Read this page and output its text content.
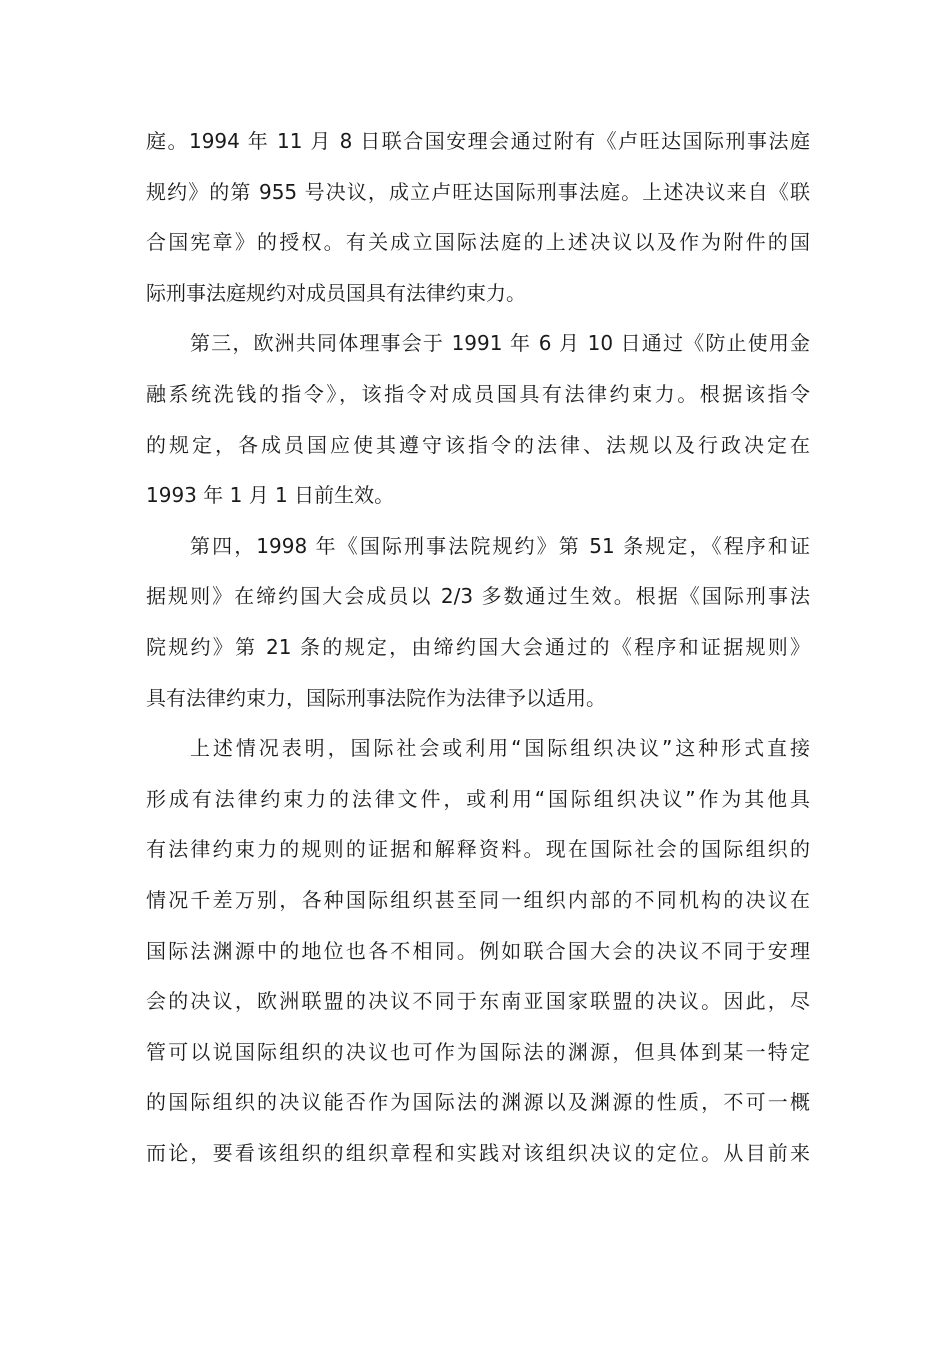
庭。1994 年 11 月 8 日联合国安理会通过附有《卢旺达国际刑事法庭
规约》的第 955 号决议，成立卢旺达国际刑事法庭。上述决议来自《联
合国宪章》的授权。有关成立国际法庭的上述决议以及作为附件的国
际刑事法庭规约对成员国具有法律约束力。

第三，欧洲共同体理事会于 1991 年 6 月 10 日通过《防止使用金
融系统洗钱的指令》，该指令对成员国具有法律约束力。根据该指令
的规定，各成员国应使其遵守该指令的法律、法规以及行政决定在
1993 年 1 月 1 日前生效。

第四，1998 年《国际刑事法院规约》第 51 条规定，《程序和证
据规则》在缔约国大会成员以 2/3 多数通过生效。根据《国际刑事法
院规约》第 21 条的规定，由缔约国大会通过的《程序和证据规则》
具有法律约束力，国际刑事法院作为法律予以适用。

上述情况表明，国际社会或利用“国际组织决议”这种形式直接
形成有法律约束力的法律文件，或利用“国际组织决议”作为其他具
有法律约束力的规则的证据和解释资料。现在国际社会的国际组织的
情况千差万别，各种国际组织甚至同一组织内部的不同机构的决议在
国际法渊源中的地位也各不相同。例如联合国大会的决议不同于安理
会的决议，欧洲联盟的决议不同于东南亚国家联盟的决议。因此，尽
管可以说国际组织的决议也可作为国际法的渊源，但具体到某一特定
的国际组织的决议能否作为国际法的渊源以及渊源的性质，不可一概
而论，要看该组织的组织章程和实践对该组织决议的定位。从目前来
